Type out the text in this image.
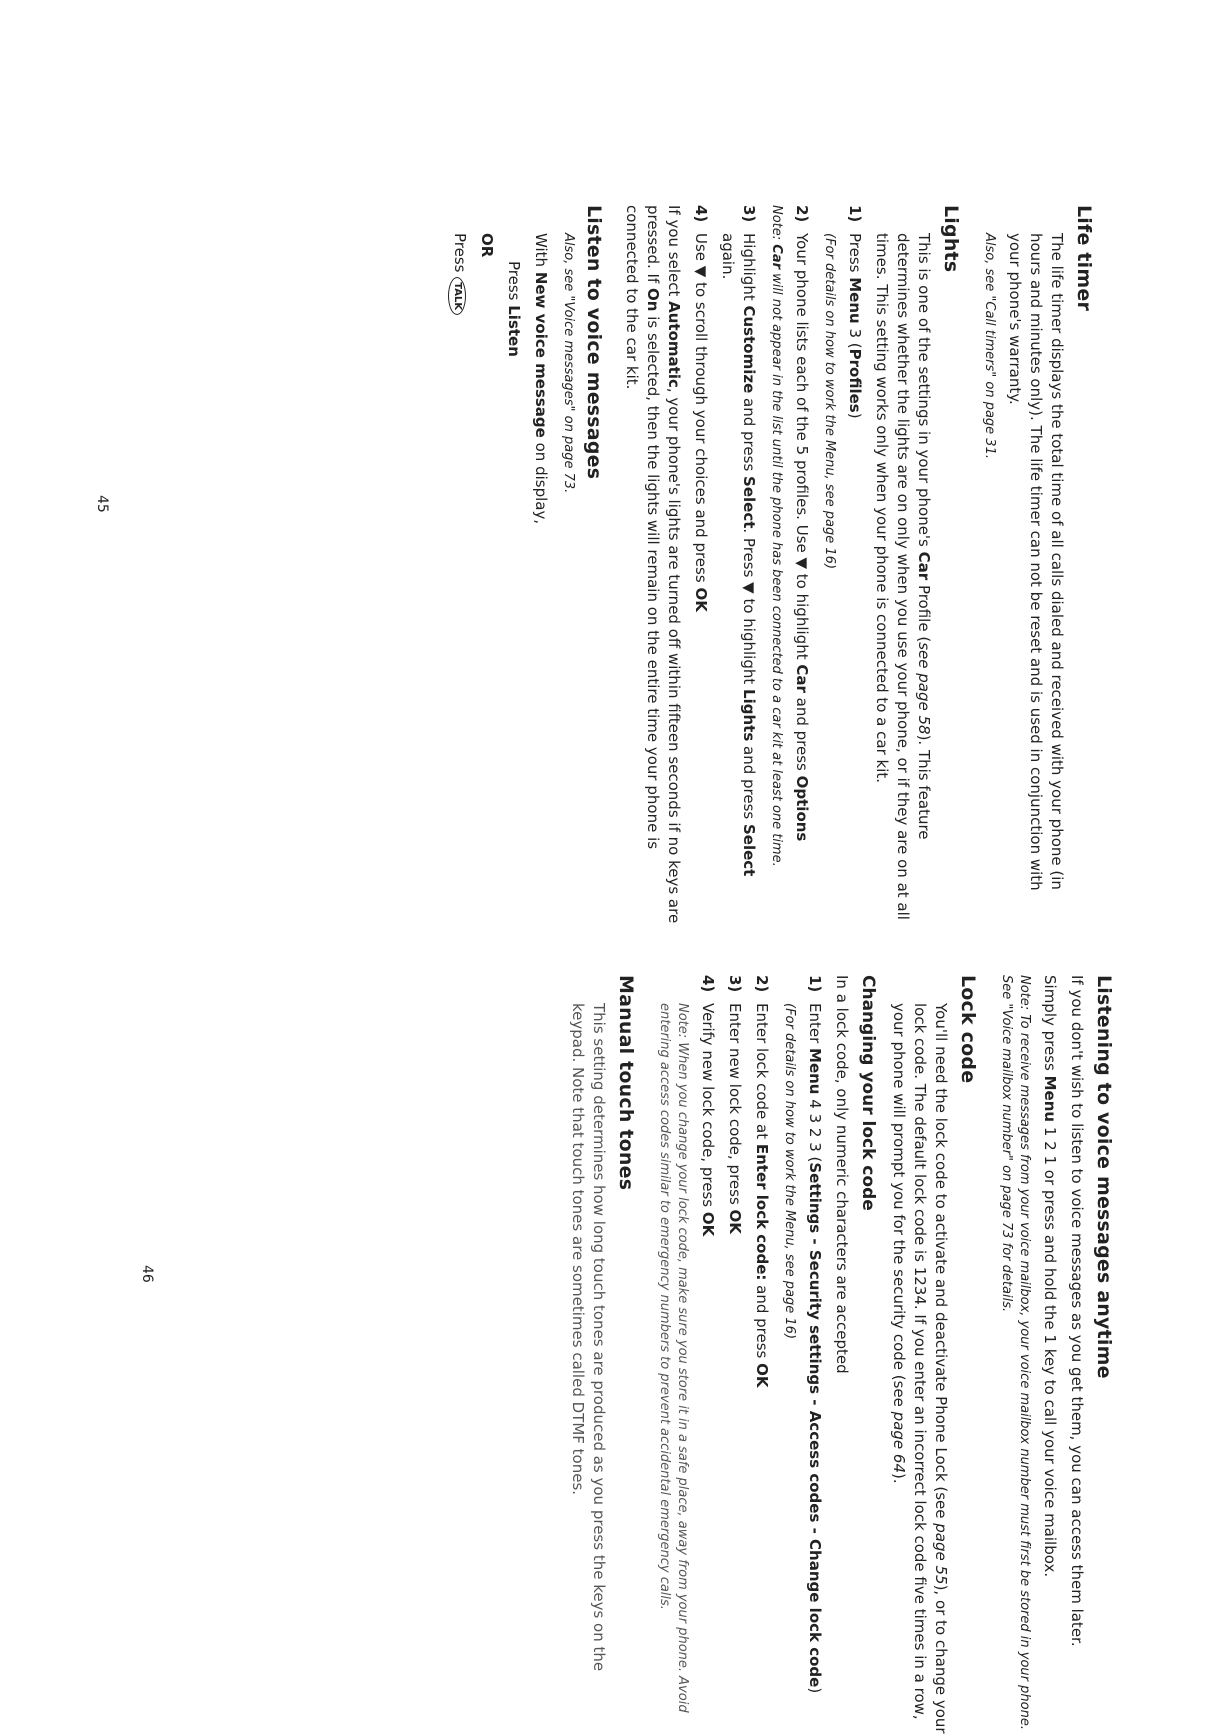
Life timer

The life timer displays the total time of all calls dialed and received with your phone (in hours and minutes only). The life timer can not be reset and is used in conjunction with your phone's warranty.

Also, see "Call timers" on page 31.

Lights

This is one of the settings in your phone's Car Profile (see page 58). This feature determines whether the lights are on only when you use your phone, or if they are on at all times. This setting works only when your phone is connected to a car kit.

1)
Press Menu 3 (Profiles)

(For details on how to work the Menu, see page 16)

2)
Your phone lists each of the 5 profiles. Use ▼ to highlight Car and press Options

Note: Car will not appear in the list until the phone has been connected to a car kit at least one time.

3)
Highlight Customize and press Select. Press ▼ to highlight Lights and press Select again.
4)
Use ▼ to scroll through your choices and press OK

If you select Automatic, your phone's lights are turned off within fifteen seconds if no keys are pressed. If On is selected, then the lights will remain on the entire time your phone is connected to the car kit.

Listen to voice messages

Also, see "Voice messages" on page 73.

With New voice message on display,

Press Listen

OR

Press TALK

45
Listening to voice messages anytime

If you don't wish to listen to voice messages as you get them, you can access them later.

Simply press Menu 1 2 1 or press and hold the 1 key to call your voice mailbox.

Note: To receive messages from your voice mailbox, your voice mailbox number must first be stored in your phone. See "Voice mailbox number" on page 73 for details.

Lock code

You'll need the lock code to activate and deactivate Phone Lock (see page 55), or to change your lock code. The default lock code is 1234. If you enter an incorrect lock code five times in a row, your phone will prompt you for the security code (see page 64).

Changing your lock code

In a lock code, only numeric characters are accepted

1)
Enter Menu 4 3 2 3 (Settings - Security settings - Access codes - Change lock code)

(For details on how to work the Menu, see page 16)

2)
Enter lock code at Enter lock code: and press OK
3)
Enter new lock code, press OK
4)
Verify new lock code, press OK

Note: When you change your lock code, make sure you store it in a safe place, away from your phone. Avoid entering access codes similar to emergency numbers to prevent accidental emergency calls.

Manual touch tones

This setting determines how long touch tones are produced as you press the keys on the keypad. Note that touch tones are sometimes called DTMF tones.

46
